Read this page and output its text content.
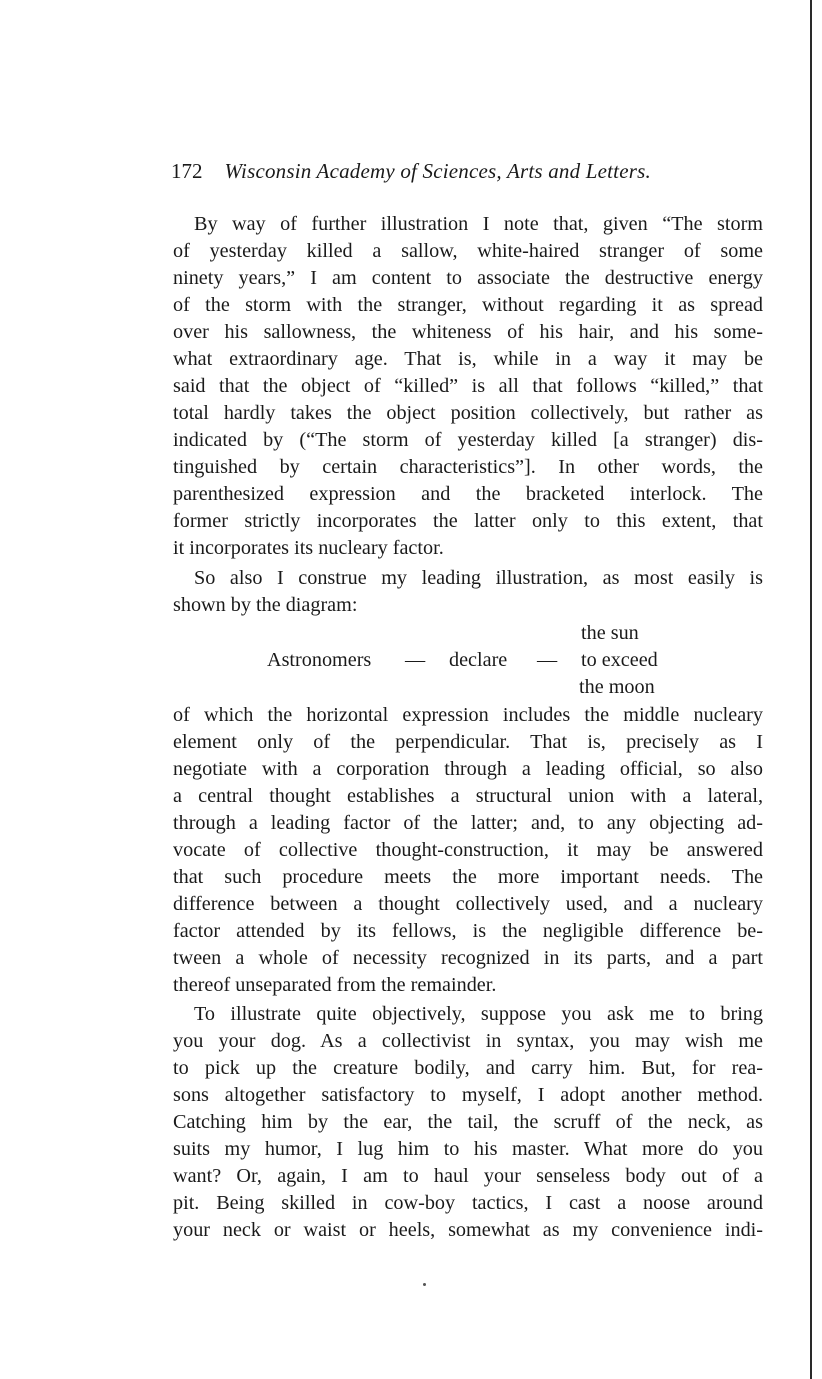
172 Wisconsin Academy of Sciences, Arts and Letters.
By way of further illustration I note that, given “The storm
of yesterday killed a sallow, white-haired stranger of some
ninety years,” I am content to associate the destructive energy
of the storm with the stranger, without regarding it as spread
over his sallowness, the whiteness of his hair, and his some-
what extraordinary age. That is, while in a way it may be
said that the object of “killed” is all that follows “killed,” that
total hardly takes the object position collectively, but rather as
indicated by (“The storm of yesterday killed [a stranger) dis-
tinguished by certain characteristics”]. In other words, the
parenthesized expression and the bracketed interlock. The
former strictly incorporates the latter only to this extent, that
it incorporates its nucleary factor.
So also I construe my leading illustration, as most easily is
shown by the diagram:
the sun
Astronomers — declare — to exceed
the moon
of which the horizontal expression includes the middle nucleary
element only of the perpendicular. That is, precisely as I
negotiate with a corporation through a leading official, so also
a central thought establishes a structural union with a lateral,
through a leading factor of the latter; and, to any objecting ad-
vocate of collective thought-construction, it may be answered
that such procedure meets the more important needs. The
difference between a thought collectively used, and a nucleary
factor attended by its fellows, is the negligible difference be-
tween a whole of necessity recognized in its parts, and a part
thereof unseparated from the remainder.
To illustrate quite objectively, suppose you ask me to bring
you your dog. As a collectivist in syntax, you may wish me
to pick up the creature bodily, and carry him. But, for rea-
sons altogether satisfactory to myself, I adopt another method.
Catching him by the ear, the tail, the scruff of the neck, as
suits my humor, I lug him to his master. What more do you
want? Or, again, I am to haul your senseless body out of a
pit. Being skilled in cow-boy tactics, I cast a noose around
your neck or waist or heels, somewhat as my convenience indi-
